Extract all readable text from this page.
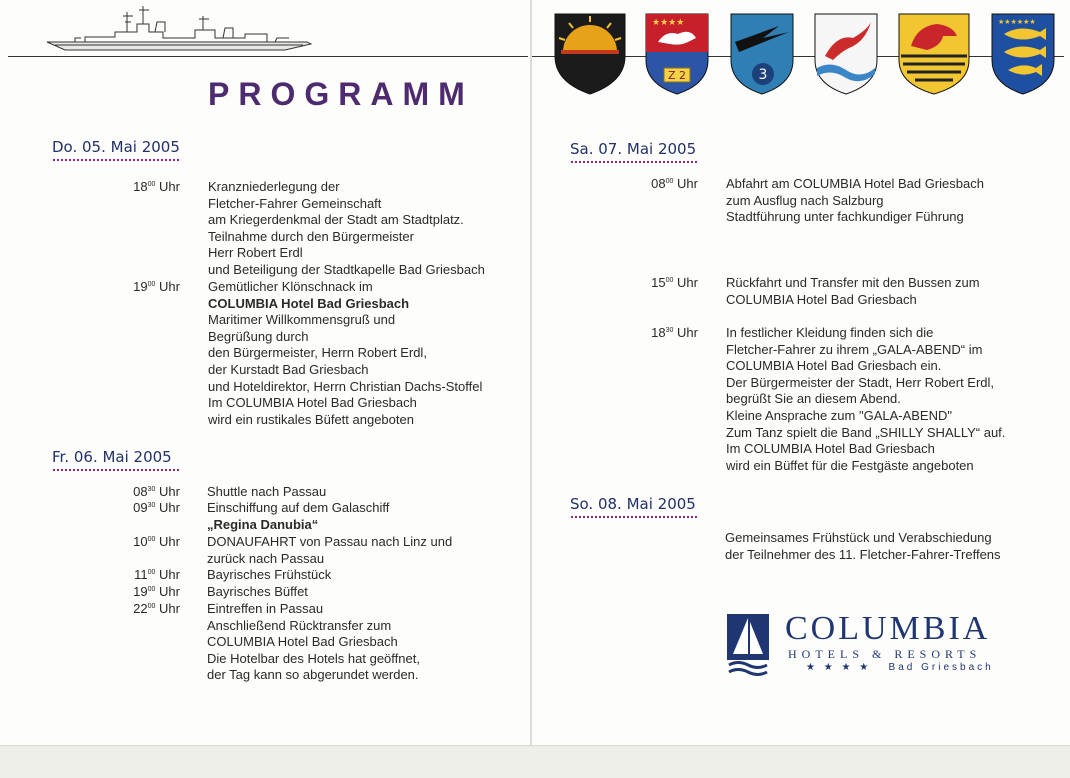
★★★★
Z 2	3
★★★★★★
PROGRAMM
Do. 05. Mai 2005
$18^{00}$ Uhr Kranzniederlegung der
Fletcher-Fahrer Gemeinschaft
am Kriegerdenkmal der Stadt am Stadtplatz.
Teilnahme durch den Bürgermeister
Herr Robert Erdl
und Beteiligung der Stadtkapelle Bad Griesbach
$19^{00}$ Uhr Gemütlicher Klönschnack im
COLUMBIA Hotel Bad Griesbach
Maritimer Willkommensgruß und
Begrüßung durch
den Bürgermeister, Herrn Robert Erdl,
der Kurstadt Bad Griesbach
und Hoteldirektor, Herrn Christian Dachs-Stoffel
Im COLUMBIA Hotel Bad Griesbach
wird ein rustikales Büfett angeboten
Fr. 06. Mai 2005
$08^{30}$ Uhr Shuttle nach Passau
$09^{30}$ Uhr Einschiffung auf dem Galaschiff
„Regina Danubia“
$10^{00}$ Uhr DONAUFAHRT von Passau nach Linz und
zurück nach Passau
$11^{00}$ Uhr Bayrisches Frühstück
$19^{00}$ Uhr Bayrisches Büffet
$22^{00}$ Uhr Eintreffen in Passau
Anschließend Rücktransfer zum
COLUMBIA Hotel Bad Griesbach
Die Hotelbar des Hotels hat geöffnet,
der Tag kann so abgerundet werden.
Sa. 07. Mai 2005
$08^{00}$ Uhr Abfahrt am COLUMBIA Hotel Bad Griesbach
zum Ausflug nach Salzburg
Stadtführung unter fachkundiger Führung
$15^{00}$ Uhr Rückfahrt und Transfer mit den Bussen zum
COLUMBIA Hotel Bad Griesbach
$18^{30}$ Uhr In festlicher Kleidung finden sich die
Fletcher-Fahrer zu ihrem „GALA-ABEND“ im
COLUMBIA Hotel Bad Griesbach ein.
Der Bürgermeister der Stadt, Herr Robert Erdl,
begrüßt Sie an diesem Abend.
Kleine Ansprache zum "GALA-ABEND"
Zum Tanz spielt die Band „SHILLY SHALLY“ auf.
Im COLUMBIA Hotel Bad Griesbach
wird ein Büffet für die Festgäste angeboten
So. 08. Mai 2005
Gemeinsames Frühstück und Verabschiedung
der Teilnehmer des 11. Fletcher-Fahrer-Treffens
COLUMBIA
HOTELS & RESORTS
★ ★ ★ ★ Bad Griesbach
